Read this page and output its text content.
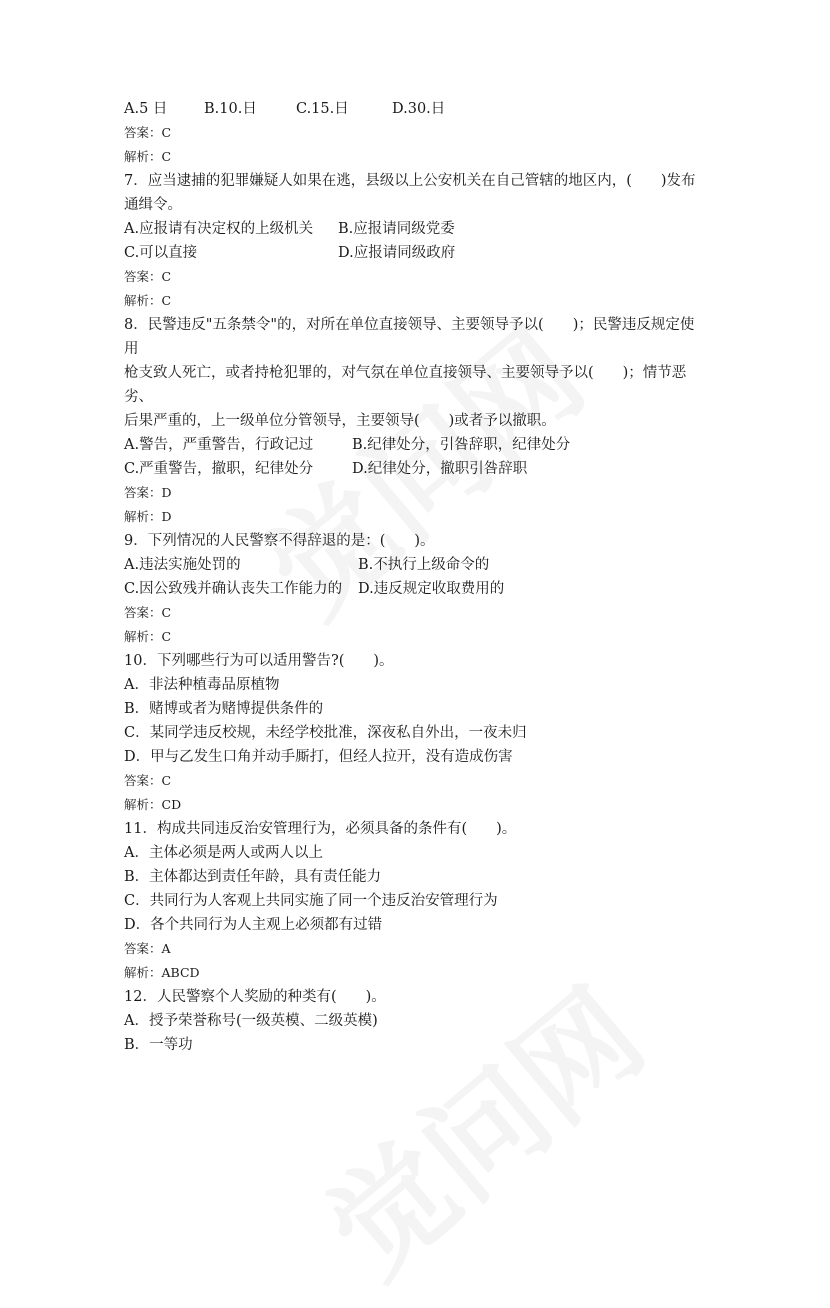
A.5 日	B.10.日	C.15.日	D.30.日
答案：C
解析：C
7．应当逮捕的犯罪嫌疑人如果在逃，县级以上公安机关在自己管辖的地区内，(　　)发布
通缉令。
A.应报请有决定权的上级机关 B.应报请同级党委
C.可以直接	D.应报请同级政府
答案：C
解析：C
8．民警违反"五条禁令"的，对所在单位直接领导、主要领导予以(　　)；民警违反规定使
用
枪支致人死亡，或者持枪犯罪的，对气氛在单位直接领导、主要领导予以(　　)；情节恶
劣、
后果严重的，上一级单位分管领导，主要领导(　　)或者予以撤职。
A.警告，严重警告，行政记过	B.纪律处分，引咎辞职，纪律处分
C.严重警告，撤职，纪律处分	D.纪律处分，撤职引咎辞职
答案：D
解析：D
9．下列情况的人民警察不得辞退的是：(　　)。
A.违法实施处罚的	B.不执行上级命令的
C.因公致残并确认丧失工作能力的 D.违反规定收取费用的
答案：C
解析：C
10．下列哪些行为可以适用警告?(　　)。
A．非法种植毒品原植物
B．赌博或者为赌博提供条件的
C．某同学违反校规，未经学校批准，深夜私自外出，一夜未归
D．甲与乙发生口角并动手厮打，但经人拉开，没有造成伤害
答案：C
解析：CD
11．构成共同违反治安管理行为，必须具备的条件有(　　)。
A．主体必须是两人或两人以上
B．主体都达到责任年龄，具有责任能力
C．共同行为人客观上共同实施了同一个违反治安管理行为
D．各个共同行为人主观上必须都有过错
答案：A
解析：ABCD
12．人民警察个人奖励的种类有(　　)。
A．授予荣誉称号(一级英模、二级英模)
B．一等功
